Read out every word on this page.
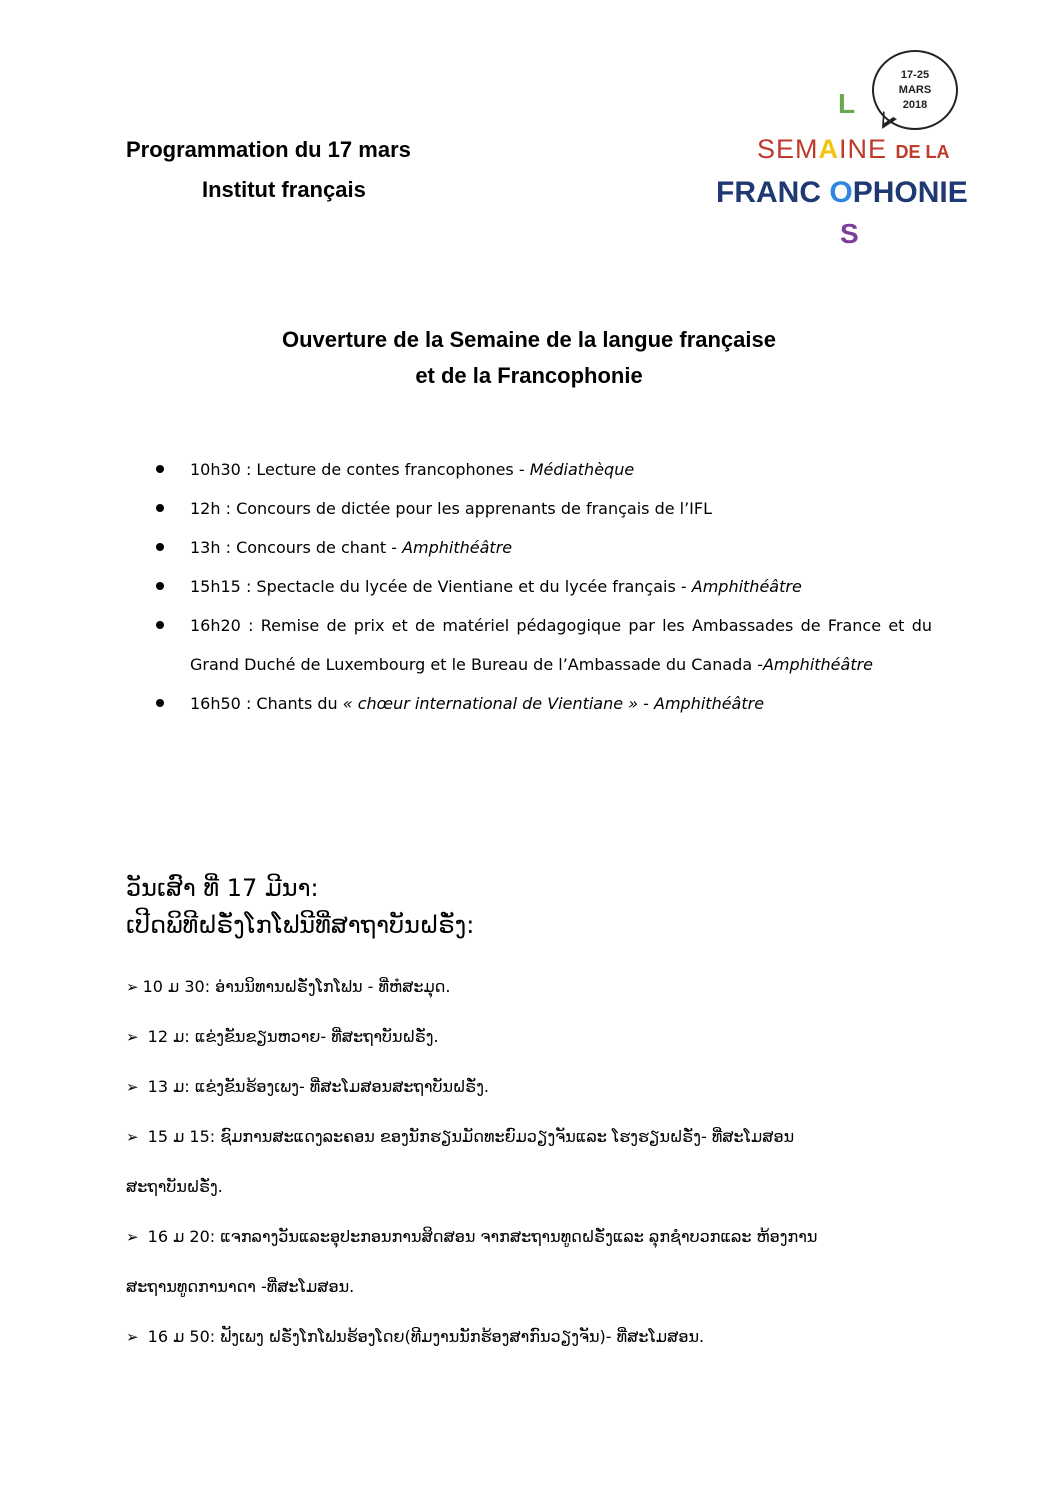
Programmation du 17 mars
Institut français
17-25
MARS
2018
L
SEMAINE DE LA
FRANC OPHONIE
S
Ouverture de la Semaine de la langue française
et de la Francophonie
10h30 : Lecture de contes francophones - Médiathèque
12h : Concours de dictée pour les apprenants de français de l’IFL
13h : Concours de chant - Amphithéâtre
15h15 : Spectacle du lycée de Vientiane et du lycée français - Amphithéâtre
16h20 : Remise de prix et de matériel pédagogique par les Ambassades de France et du Grand Duché de Luxembourg et le Bureau de l’Ambassade du Canada -Amphithéâtre
16h50 : Chants du « chœur international de Vientiane » - Amphithéâtre
ວັນເສົາ ທີ່ 17 ມີນາ:
ເປີດພິທີຝຣັ່ງໂກໂຟນີທີ່ສາຖາບັນຝຣັ່ງ:
➢ 10 ມ 30: ອ່ານນິທານຝຣັ່ງໂກໂຟນ - ທີ່ຫໍສະມຸດ.
➢ 12 ມ: ແຂ່ງຂັນຂຽນຫວາຍ- ທີ່ສະຖາບັນຝຣັ່ງ.
➢ 13 ມ: ແຂ່ງຂັນຮ້ອງເພງ- ທີ່ສະໂມສອນສະຖາບັນຝຣັ່ງ.
➢ 15 ມ 15: ຊົມການສະແດງລະຄອນ ຂອງນັກຮຽນມັດທະຍົມວຽງຈັນແລະ ໂຮງຮຽນຝຣັ່ງ- ທີ່ສະໂມສອນ
ສະຖາບັນຝຣັ່ງ.
➢ 16 ມ 20: ແຈກລາງວັນແລະອຸປະກອນການສິດສອນ ຈາກສະຖານທູດຝຣັ່ງແລະ ລຸກຊໍາບວກແລະ ຫ້ອງການ
ສະຖານທູດການາດາ -ທີ່ສະໂມສອນ.
➢ 16 ມ 50: ຟັງເພງ ຝຣັ່ງໂກໂຟນຮ້ອງໂດຍ(ທີມງານນັກຮ້ອງສາກົນວຽງຈັນ)- ທີ່ສະໂມສອນ.
